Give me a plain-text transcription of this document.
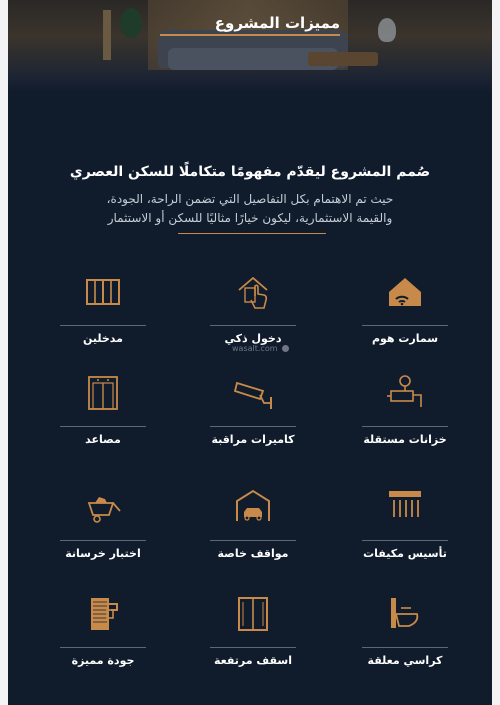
مميزات المشروع
صُمم المشروع ليقدّم مفهومًا متكاملًا للسكن العصري
حيث تم الاهتمام بكل التفاصيل التي تضمن الراحة، الجودة،
والقيمة الاستثمارية، ليكون خيارًا مثاليًا للسكن أو الاستثمار
سمارت هوم
دخول ذكي
مدخلين
wasalt.com
خزانات مستقلة
كاميرات مراقبة
مصاعد
تأسيس مكيفات
مواقف خاصة
اختبار خرسانة
كراسي معلقة
اسقف مرتفعة
جودة مميزة
